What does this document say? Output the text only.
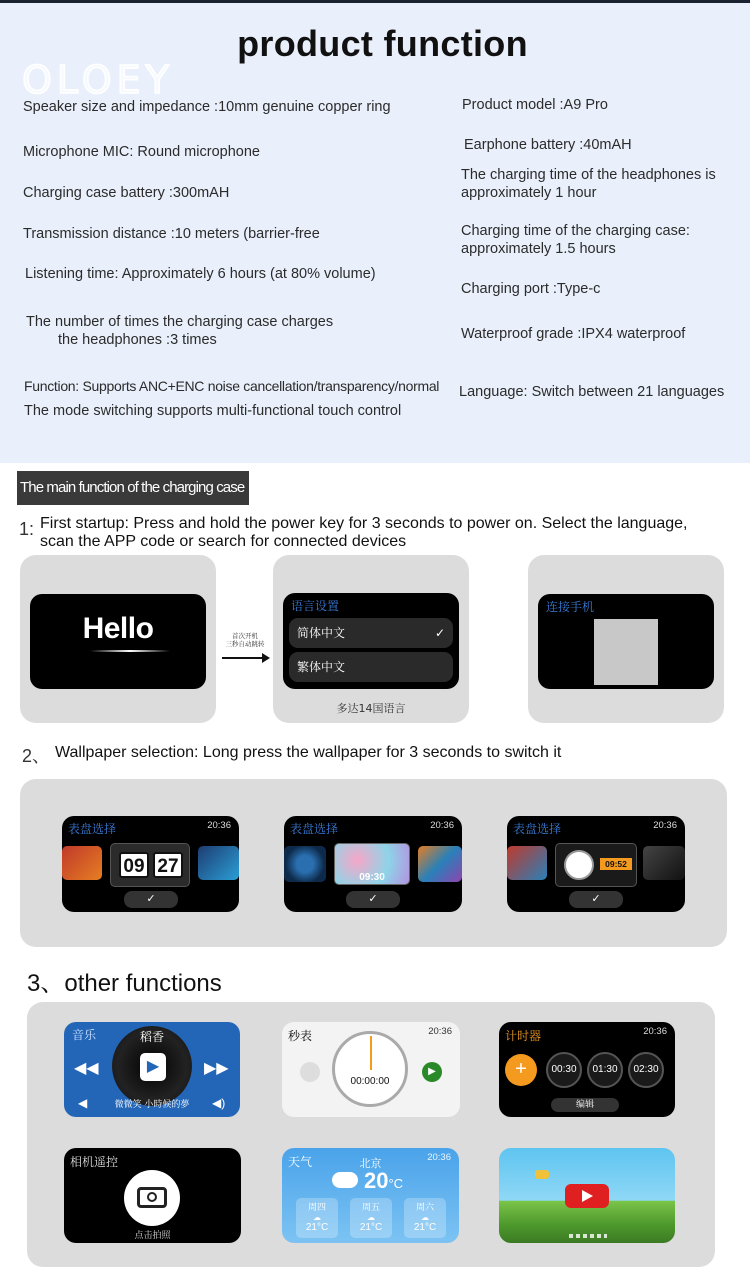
product function
OLOEY
Speaker size and impedance :10mm genuine copper ring
Microphone MIC: Round microphone
Charging case battery :300mAH
Transmission distance :10 meters (barrier-free
Listening time: Approximately 6 hours (at 80% volume)
The number of times the charging case charges
the headphones :3 times
Function: Supports ANC+ENC noise cancellation/transparency/normal
The mode switching supports multi-functional touch control
Product model :A9 Pro
Earphone battery :40mAH
The charging time of the headphones is
approximately 1 hour
Charging time of the charging case:
approximately 1.5 hours
Charging port :Type-c
Waterproof grade :IPX4 waterproof
Language: Switch between 21 languages
The main function of the charging case
1: First startup: Press and hold the power key for 3 seconds to power on. Select the language,
scan the APP code or search for connected devices
Hello	首次开机
三秒自动跳转
语言设置
简体中文	✓
繁体中文
多达14国语言
连接手机
2、 Wallpaper selection: Long press the wallpaper for 3 seconds to switch it
表盘选择	20:36
09 27
✓
表盘选择	20:36
09:30
✓
表盘选择	20:36
09:52
✓
3、other functions
音乐	稻香
▶
◀◀	▶▶
◀	◀)
微微笑 小時候的夢
秒表	20:36
00:00:00
▶
计时器	20:36
+	00:30	01:30	02:30
编辑
相机遥控
点击拍照
天气	20:36
北京
20°C
周四
☁
21°C
周五
☁
21°C
周六
☁
21°C
